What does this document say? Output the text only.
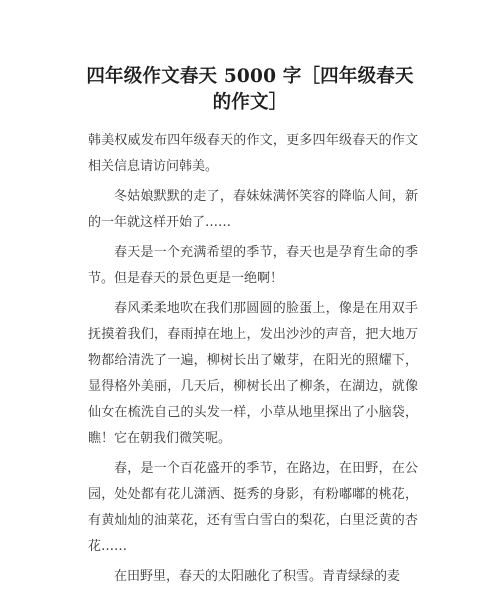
四年级作文春天 5000 字［四年级春天的作文］

韩美权威发布四年级春天的作文，更多四年级春天的作文相关信息请访问韩美。

冬姑娘默默的走了，春妹妹满怀笑容的降临人间，新的一年就这样开始了……

春天是一个充满希望的季节，春天也是孕育生命的季节。但是春天的景色更是一绝啊！

春风柔柔地吹在我们那圆圆的脸蛋上，像是在用双手抚摸着我们，春雨掉在地上，发出沙沙的声音，把大地万物都给清洗了一遍，柳树长出了嫩芽，在阳光的照耀下，显得格外美丽，几天后，柳树长出了柳条，在湖边，就像仙女在梳洗自己的头发一样，小草从地里探出了小脑袋，瞧！它在朝我们微笑呢。

春，是一个百花盛开的季节，在路边，在田野，在公园，处处都有花儿潇洒、挺秀的身影，有粉嘟嘟的桃花，有黄灿灿的油菜花，还有雪白雪白的梨花，白里泛黄的杏花……

在田野里，春天的太阳融化了积雪。青青绿绿的麦
